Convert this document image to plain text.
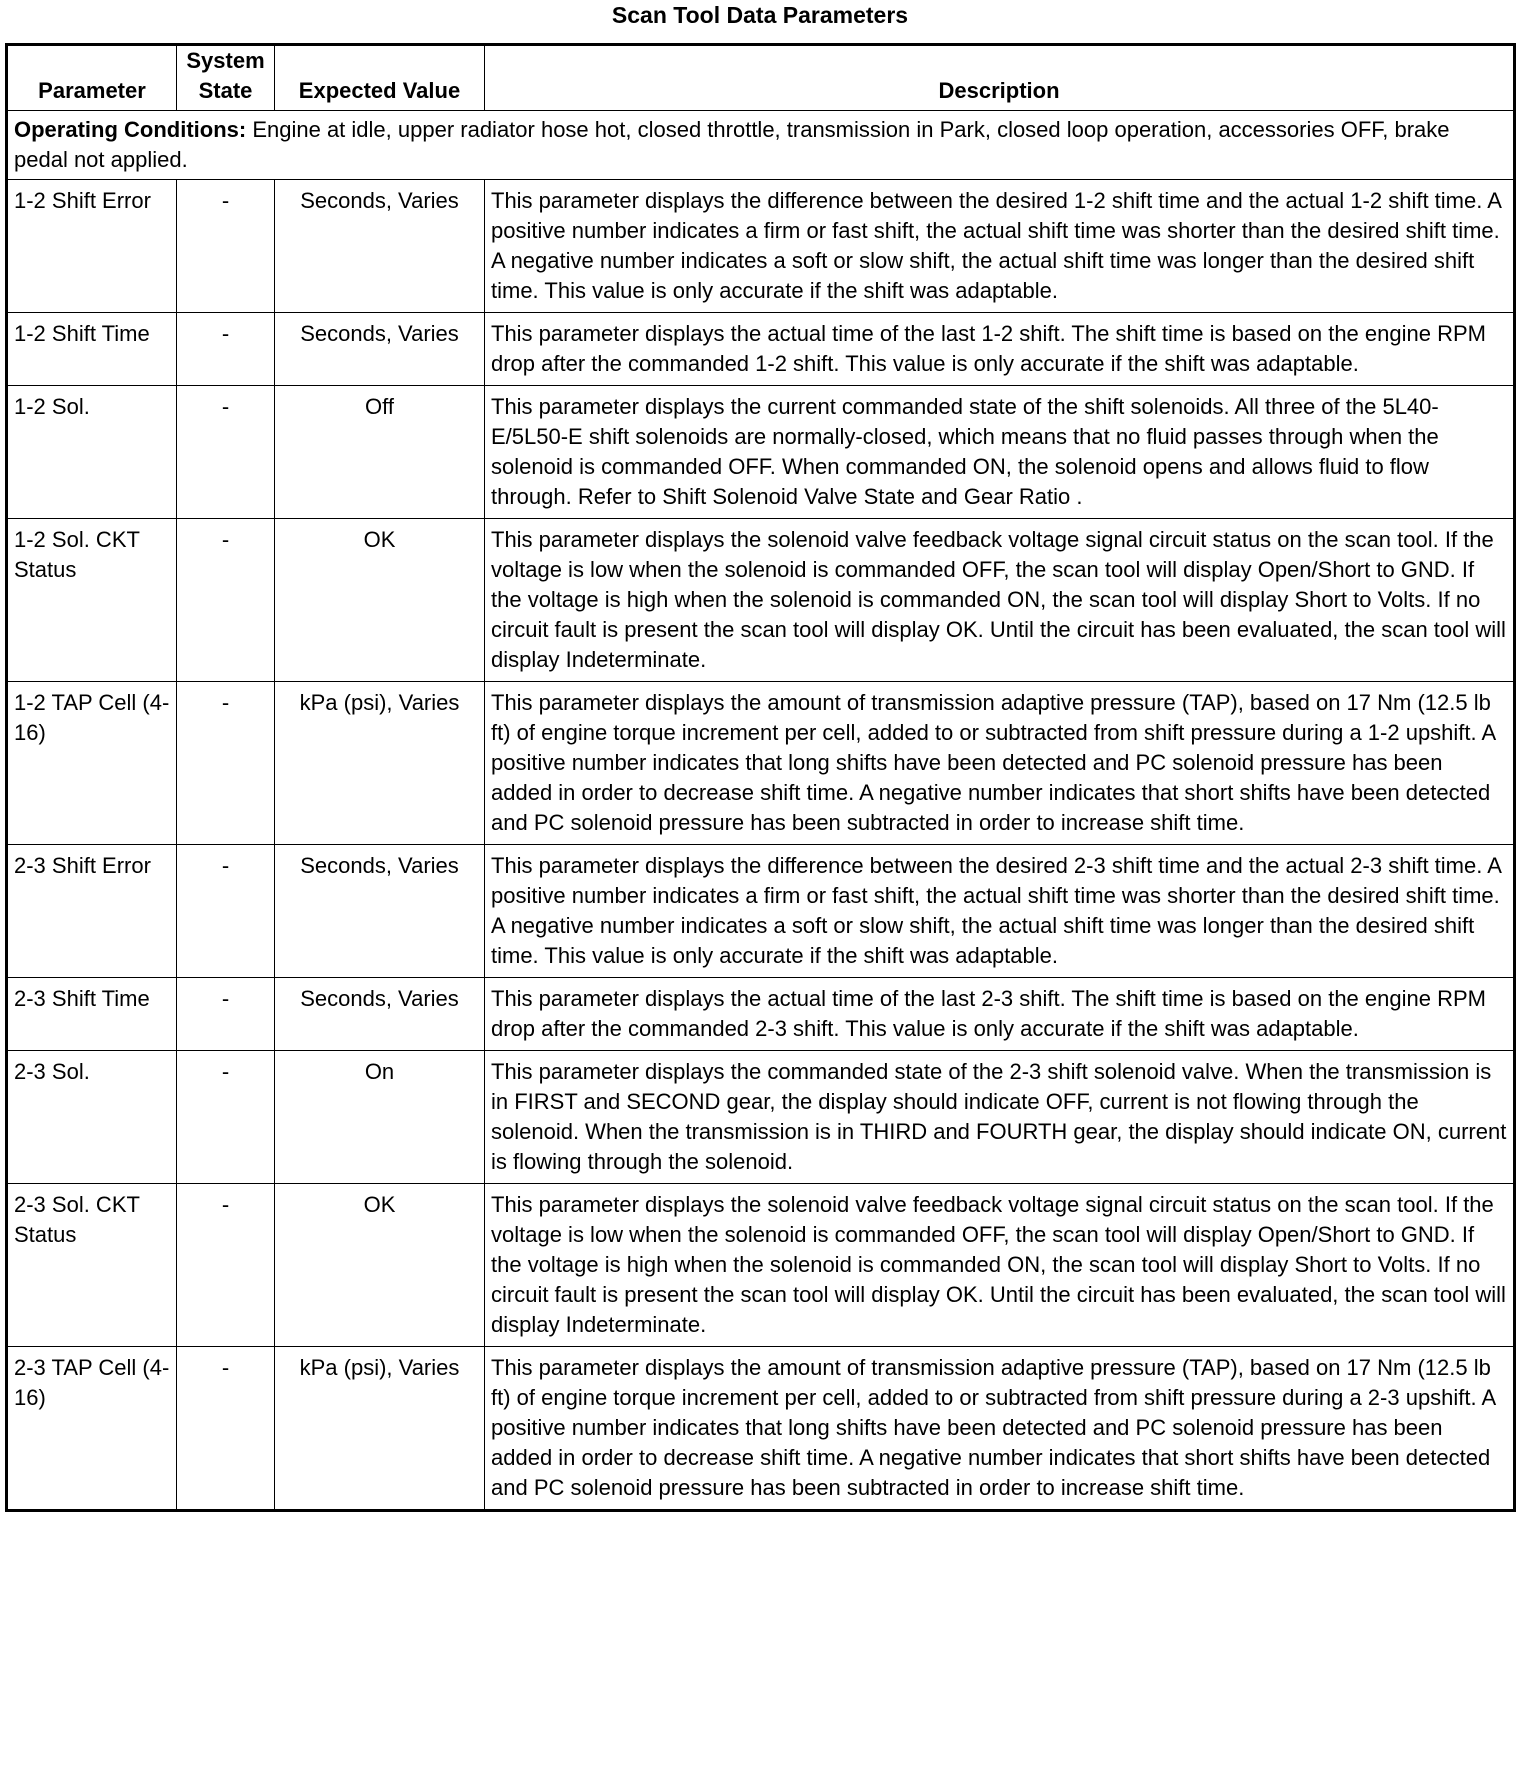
Scan Tool Data Parameters
Parameter	System State	Expected Value	Description
Operating Conditions: Engine at idle, upper radiator hose hot, closed throttle, transmission in Park, closed loop operation, accessories OFF, brake pedal not applied.			
1-2 Shift Error	-	Seconds, Varies	This parameter displays the difference between the desired 1-2 shift time and the actual 1-2 shift time. A positive number indicates a firm or fast shift, the actual shift time was shorter than the desired shift time. A negative number indicates a soft or slow shift, the actual shift time was longer than the desired shift time. This value is only accurate if the shift was adaptable.
1-2 Shift Time	-	Seconds, Varies	This parameter displays the actual time of the last 1-2 shift. The shift time is based on the engine RPM drop after the commanded 1-2 shift. This value is only accurate if the shift was adaptable.
1-2 Sol.	-	Off	This parameter displays the current commanded state of the shift solenoids. All three of the 5L40-E/5L50-E shift solenoids are normally-closed, which means that no fluid passes through when the solenoid is commanded OFF. When commanded ON, the solenoid opens and allows fluid to flow through. Refer to Shift Solenoid Valve State and Gear Ratio .
1-2 Sol. CKT Status	-	OK	This parameter displays the solenoid valve feedback voltage signal circuit status on the scan tool. If the voltage is low when the solenoid is commanded OFF, the scan tool will display Open/Short to GND. If the voltage is high when the solenoid is commanded ON, the scan tool will display Short to Volts. If no circuit fault is present the scan tool will display OK. Until the circuit has been evaluated, the scan tool will display Indeterminate.
1-2 TAP Cell (4-16)	-	kPa (psi), Varies	This parameter displays the amount of transmission adaptive pressure (TAP), based on 17 Nm (12.5 lb ft) of engine torque increment per cell, added to or subtracted from shift pressure during a 1-2 upshift. A positive number indicates that long shifts have been detected and PC solenoid pressure has been added in order to decrease shift time. A negative number indicates that short shifts have been detected and PC solenoid pressure has been subtracted in order to increase shift time.
2-3 Shift Error	-	Seconds, Varies	This parameter displays the difference between the desired 2-3 shift time and the actual 2-3 shift time. A positive number indicates a firm or fast shift, the actual shift time was shorter than the desired shift time. A negative number indicates a soft or slow shift, the actual shift time was longer than the desired shift time. This value is only accurate if the shift was adaptable.
2-3 Shift Time	-	Seconds, Varies	This parameter displays the actual time of the last 2-3 shift. The shift time is based on the engine RPM drop after the commanded 2-3 shift. This value is only accurate if the shift was adaptable.
2-3 Sol.	-	On	This parameter displays the commanded state of the 2-3 shift solenoid valve. When the transmission is in FIRST and SECOND gear, the display should indicate OFF, current is not flowing through the solenoid. When the transmission is in THIRD and FOURTH gear, the display should indicate ON, current is flowing through the solenoid.
2-3 Sol. CKT Status	-	OK	This parameter displays the solenoid valve feedback voltage signal circuit status on the scan tool. If the voltage is low when the solenoid is commanded OFF, the scan tool will display Open/Short to GND. If the voltage is high when the solenoid is commanded ON, the scan tool will display Short to Volts. If no circuit fault is present the scan tool will display OK. Until the circuit has been evaluated, the scan tool will display Indeterminate.
2-3 TAP Cell (4-16)	-	kPa (psi), Varies	This parameter displays the amount of transmission adaptive pressure (TAP), based on 17 Nm (12.5 lb ft) of engine torque increment per cell, added to or subtracted from shift pressure during a 2-3 upshift. A positive number indicates that long shifts have been detected and PC solenoid pressure has been added in order to decrease shift time. A negative number indicates that short shifts have been detected and PC solenoid pressure has been subtracted in order to increase shift time.
